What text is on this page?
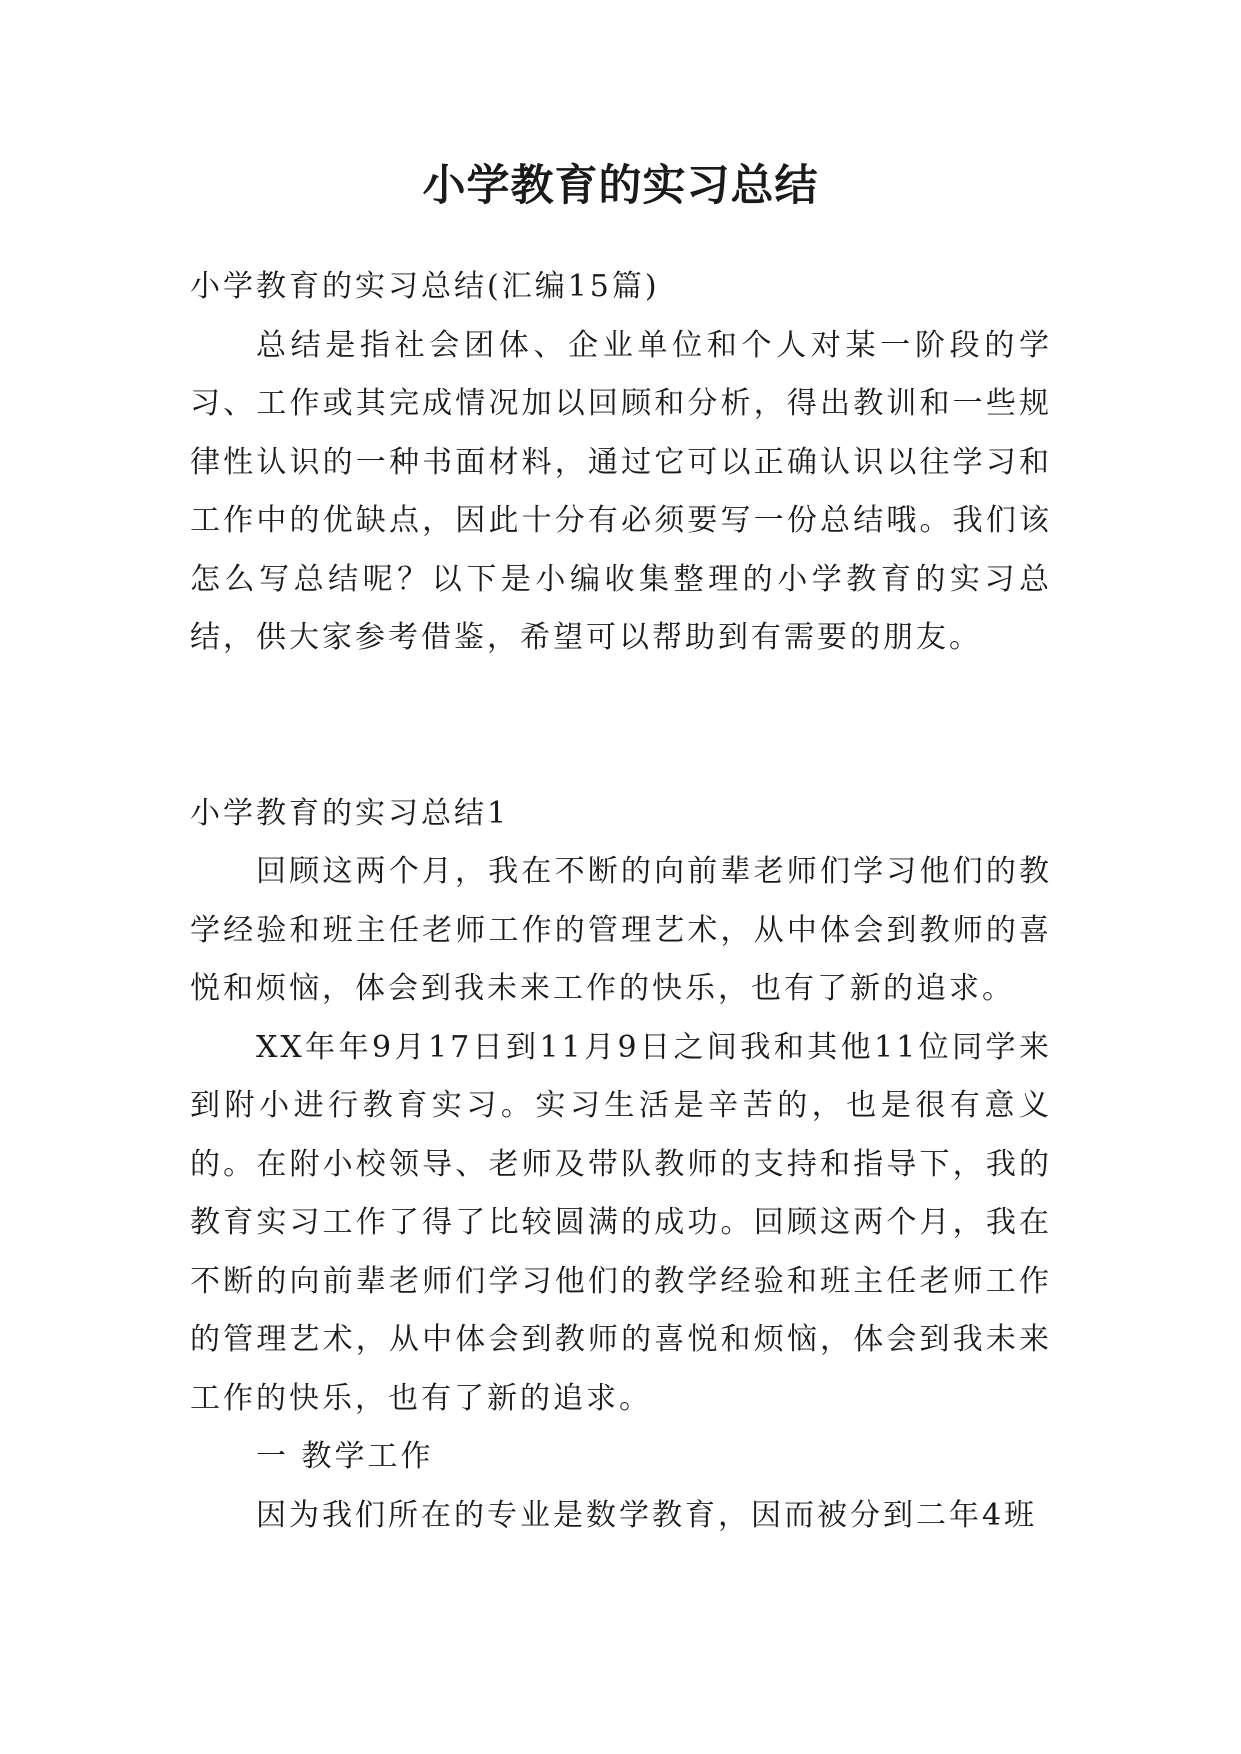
小学教育的实习总结

小学教育的实习总结(汇编15篇)

总结是指社会团体、企业单位和个人对某一阶段的学习、工作或其完成情况加以回顾和分析，得出教训和一些规律性认识的一种书面材料，通过它可以正确认识以往学习和工作中的优缺点，因此十分有必须要写一份总结哦。我们该怎么写总结呢？以下是小编收集整理的小学教育的实习总结，供大家参考借鉴，希望可以帮助到有需要的朋友。

小学教育的实习总结1

回顾这两个月，我在不断的向前辈老师们学习他们的教学经验和班主任老师工作的管理艺术，从中体会到教师的喜悦和烦恼，体会到我未来工作的快乐，也有了新的追求。

XX年年9月17日到11月9日之间我和其他11位同学来到附小进行教育实习。实习生活是辛苦的，也是很有意义的。在附小校领导、老师及带队教师的支持和指导下，我的教育实习工作了得了比较圆满的成功。回顾这两个月，我在不断的向前辈老师们学习他们的教学经验和班主任老师工作的管理艺术，从中体会到教师的喜悦和烦恼，体会到我未来工作的快乐，也有了新的追求。

一 教学工作

因为我们所在的专业是数学教育，因而被分到二年4班
